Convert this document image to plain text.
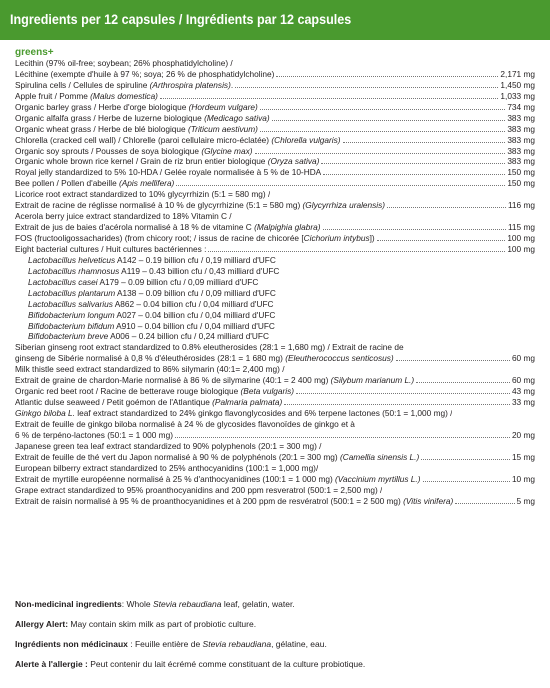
Ingredients per 12 capsules / Ingrédients par 12 capsules
greens+
Lecithin (97% oil-free; soybean; 26% phosphatidylcholine) /
Lécithine (exempte d'huile à 97 %; soya; 26 % de phosphatidylcholine)	2,171 mg
Spirulina cells / Cellules de spiruline (Arthrospira platensis).	1,450 mg
Apple fruit / Pomme (Malus domestica)	1,033 mg
Organic barley grass / Herbe d'orge biologique (Hordeum vulgare)	734 mg
Organic alfalfa grass / Herbe de luzerne biologique (Medicago sativa)	383 mg
Organic wheat grass / Herbe de blé biologique (Triticum aestivum)	383 mg
Chlorella (cracked cell wall) / Chlorelle (paroi cellulaire micro-éclatée) (Chlorella vulgaris)	383 mg
Organic soy sprouts / Pousses de soya biologique (Glycine max)	383 mg
Organic whole brown rice kernel / Grain de riz brun entier biologique (Oryza sativa)	383 mg
Royal jelly standardized to 5% 10-HDA / Gelée royale normalisée à 5 % de 10-HDA	150 mg
Bee pollen / Pollen d'abeille (Apis mellifera)	150 mg
Licorice root extract standardized to 10% glycyrrhizin (5:1 = 580 mg) /
Extrait de racine de réglisse normalisé à 10 % de glycyrrhizine (5:1 = 580 mg) (Glycyrrhiza uralensis)	116 mg
Acerola berry juice extract standardized to 18% Vitamin C /
Extrait de jus de baies d'acérola normalisé à 18 % de vitamine C (Malpighia glabra)	115 mg
FOS (fructooligossacharides) (from chicory root; / issus de racine de chicorée [Cichorium intybus])	100 mg
Eight bacterial cultures / Huit cultures bactériennes :	100 mg
Lactobacillus helveticus A142 – 0.19 billion cfu / 0,19 milliard d'UFC
Lactobacillus rhamnosus A119 – 0.43 billion cfu / 0,43 milliard d'UFC
Lactobacillus casei A179 – 0.09 billion cfu / 0,09 milliard d'UFC
Lactobacillus plantarum A138 – 0.09 billion cfu / 0,09 milliard d'UFC
Lactobacillus salivarius A862 – 0.04 billion cfu / 0,04 milliard d'UFC
Bifidobacterium longum A027 – 0.04 billion cfu / 0,04 milliard d'UFC
Bifidobacterium bifidum A910 – 0.04 billion cfu / 0,04 milliard d'UFC
Bifidobacterium breve A006 – 0.24 billion cfu / 0,24 milliard d'UFC
Siberian ginseng root extract standardized to 0.8% eleutherosides (28:1 = 1,680 mg) / Extrait de racine de
ginseng de Sibérie normalisé à 0,8 % d'éleuthérosides (28:1 = 1 680 mg) (Eleutherococcus senticosus)	60 mg
Milk thistle seed extract standardized to 86% silymarin (40:1= 2,400 mg) /
Extrait de graine de chardon-Marie normalisé à 86 % de silymarine (40:1 = 2 400 mg) (Silybum marianum L.)	60 mg
Organic red beet root / Racine de betterave rouge biologique (Beta vulgaris)	43 mg
Atlantic dulse seaweed / Petit goémon de l'Atlantique (Palmaria palmata)	33 mg
Ginkgo biloba L. leaf extract standardized to 24% ginkgo flavonglycosides and 6% terpene lactones (50:1 = 1,000 mg) /
Extrait de feuille de ginkgo biloba normalisé à 24 % de glycosides flavonoïdes de ginkgo et à
6 % de terpéno-lactones (50:1 = 1 000 mg)	20 mg
Japanese green tea leaf extract standardized to 90% polyphenols (20:1 = 300 mg) /
Extrait de feuille de thé vert du Japon normalisé à 90 % de polyphénols (20:1 = 300 mg) (Camellia sinensis L.)	15 mg
European bilberry extract standardized to 25% anthocyanidins (100:1 = 1,000 mg)/
Extrait de myrtille européenne normalisé à 25 % d'anthocyanidines (100:1 = 1 000 mg) (Vaccinium myrtillus L.)	10 mg
Grape extract standardized to 95% proanthocyanidins and 200 ppm resveratrol (500:1 = 2,500 mg) /
Extrait de raisin normalisé à 95 % de proanthocyanidines et à 200 ppm de resvératrol (500:1 = 2 500 mg) (Vitis vinifera)	5 mg
Non-medicinal ingredients: Whole Stevia rebaudiana leaf, gelatin, water.
Allergy Alert: May contain skim milk as part of probiotic culture.
Ingrédients non médicinaux : Feuille entière de Stevia rebaudiana, gélatine, eau.
Alerte à l'allergie : Peut contenir du lait écrémé comme constituant de la culture probiotique.
